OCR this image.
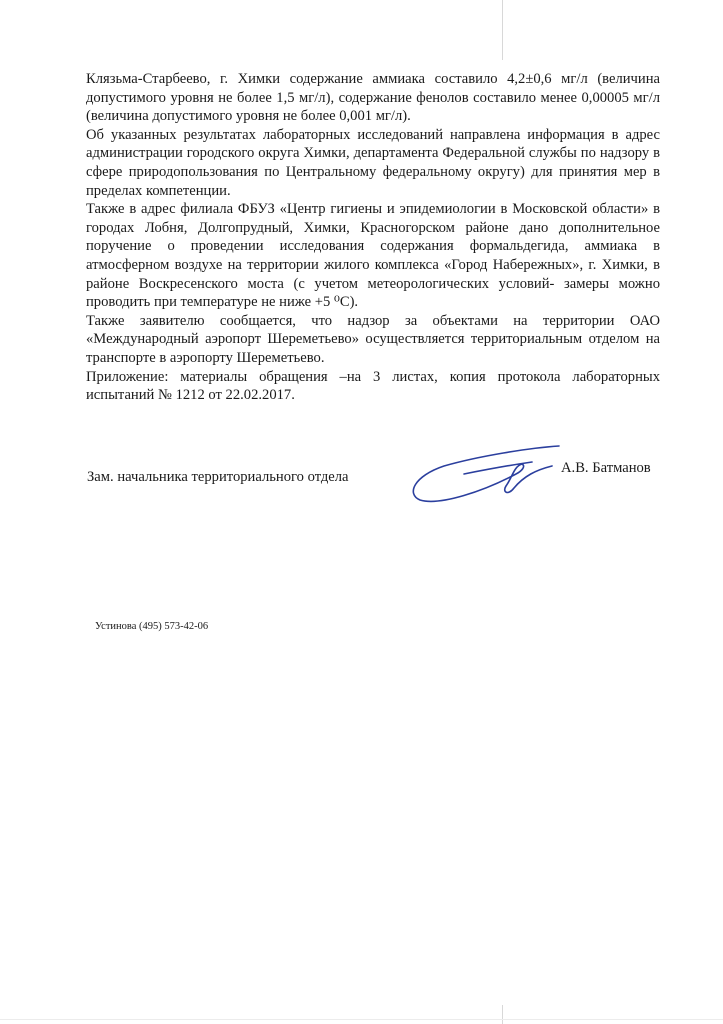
Клязьма-Старбеево, г. Химки содержание аммиака составило 4,2±0,6 мг/л (величина допустимого уровня не более 1,5 мг/л), содержание фенолов составило менее 0,00005 мг/л (величина допустимого уровня не более 0,001 мг/л).

Об указанных результатах лабораторных исследований направлена информация в адрес администрации городского округа Химки, департамента Федеральной службы по надзору в сфере природопользования по Центральному федеральному округу) для принятия мер в пределах компетенции.

Также в адрес филиала ФБУЗ «Центр гигиены и эпидемиологии в Московской области» в городах Лобня, Долгопрудный, Химки, Красногорском районе дано дополнительное поручение о проведении исследования содержания формальдегида, аммиака в атмосферном воздухе на территории жилого комплекса «Город Набережных», г. Химки, в районе Воскресенского моста (с учетом метеорологических условий- замеры можно проводить при температуре не ниже +5 ⁰С).

Также заявителю сообщается, что надзор за объектами на территории ОАО «Международный аэропорт Шереметьево» осуществляется территориальным отделом на транспорте в аэропорту Шереметьево.

Приложение: материалы обращения –на 3 листах, копия протокола лабораторных испытаний № 1212 от 22.02.2017.

Зам. начальника территориального отдела
А.В. Батманов
Устинова (495) 573-42-06
